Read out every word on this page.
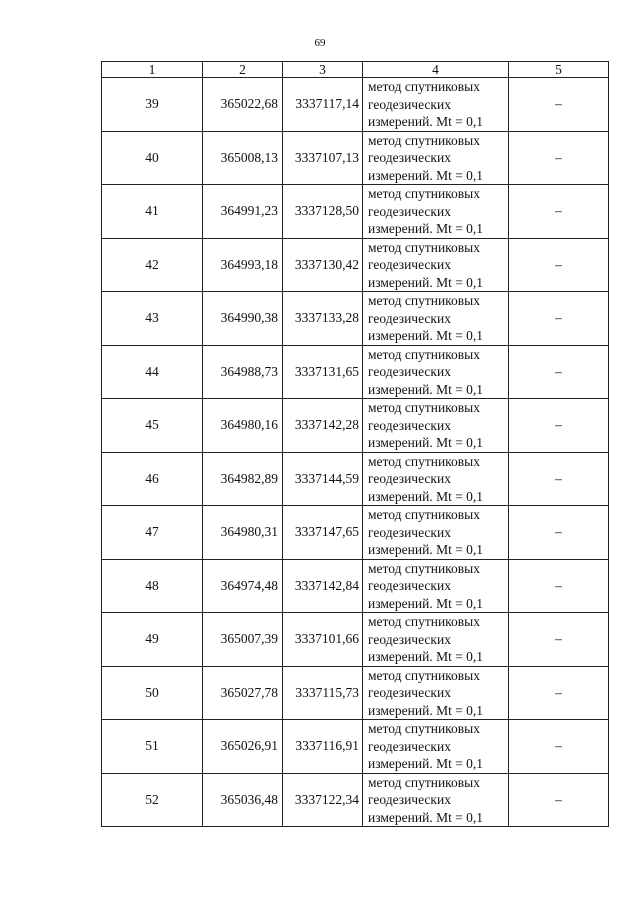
69
1	2	3	4	5
39	365022,68	3337117,14	метод спутниковых
геодезических
измерений. Mt = 0,1	–
40	365008,13	3337107,13	метод спутниковых
геодезических
измерений. Mt = 0,1	–
41	364991,23	3337128,50	метод спутниковых
геодезических
измерений. Mt = 0,1	–
42	364993,18	3337130,42	метод спутниковых
геодезических
измерений. Mt = 0,1	–
43	364990,38	3337133,28	метод спутниковых
геодезических
измерений. Mt = 0,1	–
44	364988,73	3337131,65	метод спутниковых
геодезических
измерений. Mt = 0,1	–
45	364980,16	3337142,28	метод спутниковых
геодезических
измерений. Mt = 0,1	–
46	364982,89	3337144,59	метод спутниковых
геодезических
измерений. Mt = 0,1	–
47	364980,31	3337147,65	метод спутниковых
геодезических
измерений. Mt = 0,1	–
48	364974,48	3337142,84	метод спутниковых
геодезических
измерений. Mt = 0,1	–
49	365007,39	3337101,66	метод спутниковых
геодезических
измерений. Mt = 0,1	–
50	365027,78	3337115,73	метод спутниковых
геодезических
измерений. Mt = 0,1	–
51	365026,91	3337116,91	метод спутниковых
геодезических
измерений. Mt = 0,1	–
52	365036,48	3337122,34	метод спутниковых
геодезических
измерений. Mt = 0,1	–
